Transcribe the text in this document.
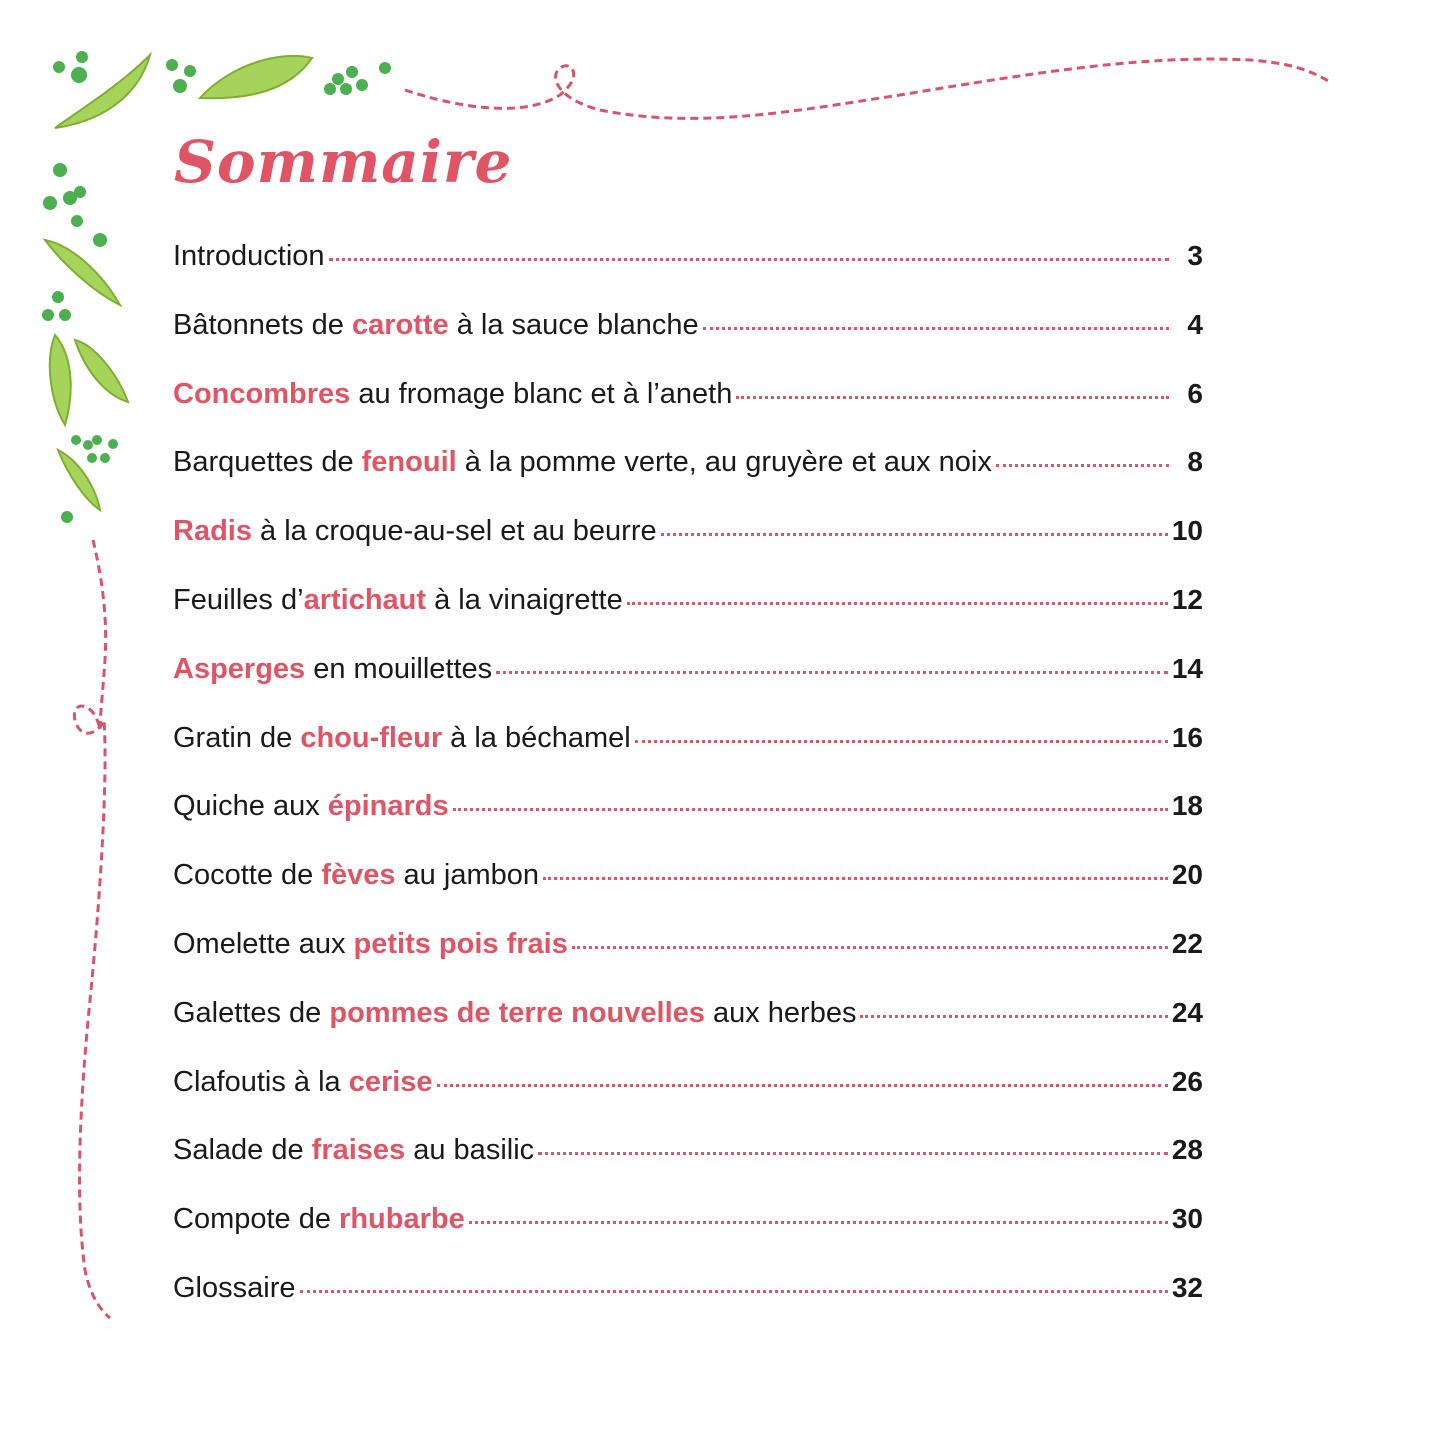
Sommaire
Introduction	3
Bâtonnets de carotte à la sauce blanche	4
Concombres au fromage blanc et à l’aneth	6
Barquettes de fenouil à la pomme verte, au gruyère et aux noix	8
Radis à la croque-au-sel et au beurre	10
Feuilles d’artichaut à la vinaigrette	12
Asperges en mouillettes	14
Gratin de chou-fleur à la béchamel	16
Quiche aux épinards	18
Cocotte de fèves au jambon	20
Omelette aux petits pois frais	22
Galettes de pommes de terre nouvelles aux herbes	24
Clafoutis à la cerise	26
Salade de fraises au basilic	28
Compote de rhubarbe	30
Glossaire	32
